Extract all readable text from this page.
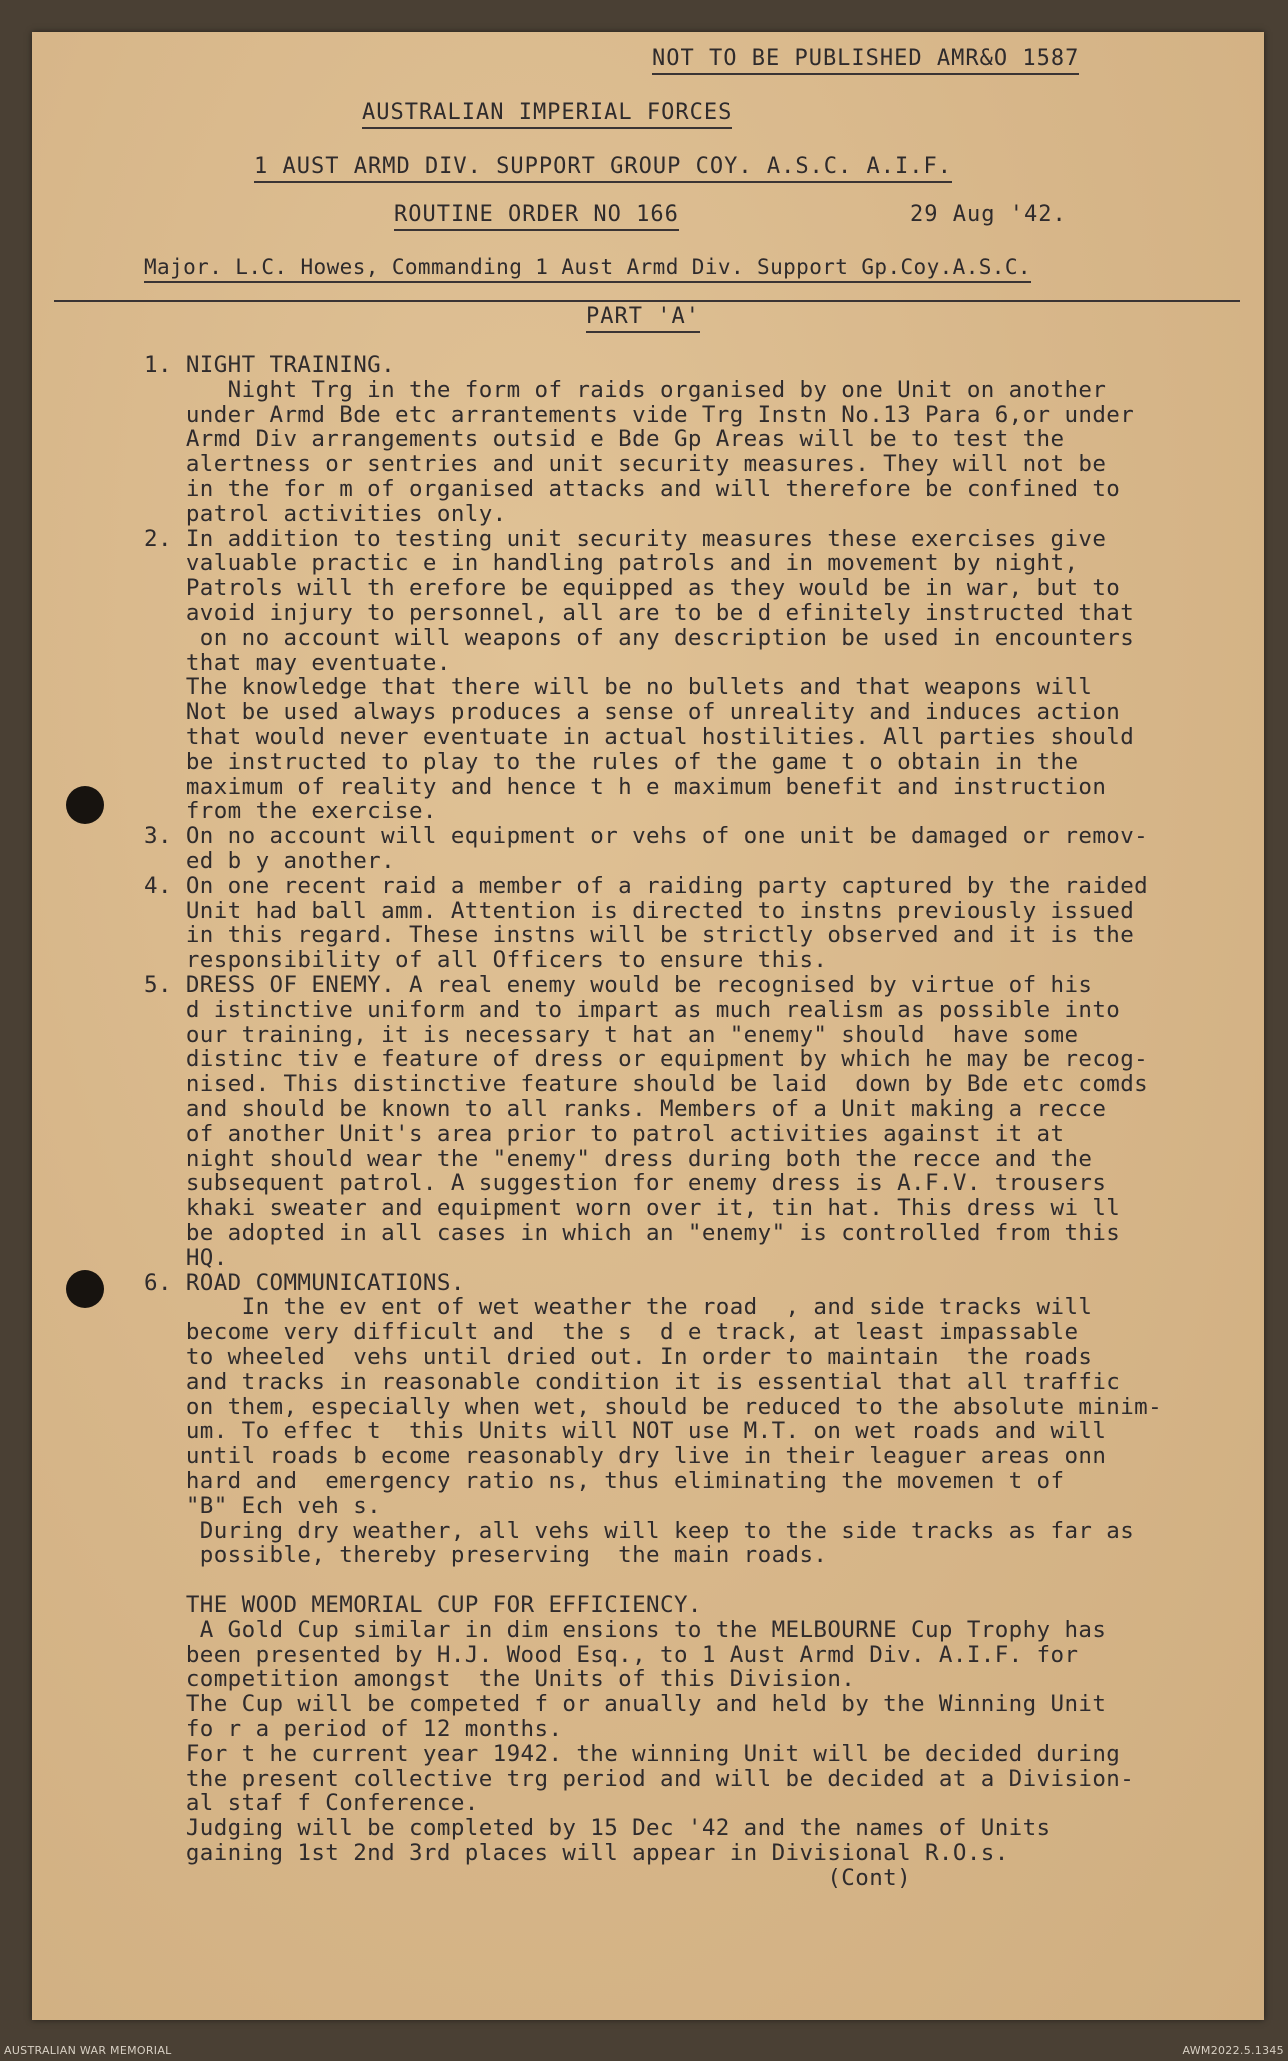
NOT TO BE PUBLISHED AMR&O 1587
AUSTRALIAN IMPERIAL FORCES
1 AUST ARMD DIV. SUPPORT GROUP COY. A.S.C. A.I.F.
ROUTINE ORDER NO 166	29 Aug '42.
Major. L.C. Howes, Commanding 1 Aust Armd Div. Support Gp.Coy.A.S.C.
PART 'A'
1. NIGHT TRAINING.
Night Trg in the form of raids organised by one Unit on another
under Armd Bde etc arrantements vide Trg Instn No.13 Para 6,or under
Armd Div arrangements outsid e Bde Gp Areas will be to test the
alertness or sentries and unit security measures. They will not be
in the for m of organised attacks and will therefore be confined to
patrol activities only.
2. In addition to testing unit security measures these exercises give
valuable practic e in handling patrols and in movement by night,
Patrols will th erefore be equipped as they would be in war, but to
avoid injury to personnel, all are to be d efinitely instructed that
on no account will weapons of any description be used in encounters
that may eventuate.
The knowledge that there will be no bullets and that weapons will
Not be used always produces a sense of unreality and induces action
that would never eventuate in actual hostilities. All parties should
be instructed to play to the rules of the game t o obtain in the
maximum of reality and hence t h e maximum benefit and instruction
from the exercise.
3. On no account will equipment or vehs of one unit be damaged or remov-
ed b y another.
4. On one recent raid a member of a raiding party captured by the raided
Unit had ball amm. Attention is directed to instns previously issued
in this regard. These instns will be strictly observed and it is the
responsibility of all Officers to ensure this.
5. DRESS OF ENEMY. A real enemy would be recognised by virtue of his
d istinctive uniform and to impart as much realism as possible into
our training, it is necessary t hat an "enemy" should  have some
distinc tiv e feature of dress or equipment by which he may be recog-
nised. This distinctive feature should be laid  down by Bde etc comds
and should be known to all ranks. Members of a Unit making a recce
of another Unit's area prior to patrol activities against it at
night should wear the "enemy" dress during both the recce and the
subsequent patrol. A suggestion for enemy dress is A.F.V. trousers
khaki sweater and equipment worn over it, tin hat. This dress wi ll
be adopted in all cases in which an "enemy" is controlled from this
HQ.
6. ROAD COMMUNICATIONS.
In the ev ent of wet weather the road  , and side tracks will
become very difficult and  the s  d e track, at least impassable
to wheeled  vehs until dried out. In order to maintain  the roads
and tracks in reasonable condition it is essential that all traffic
on them, especially when wet, should be reduced to the absolute minim-
um. To effec t  this Units will NOT use M.T. on wet roads and will
until roads b ecome reasonably dry live in their leaguer areas onn
hard and  emergency ratio ns, thus eliminating the movemen t of
"B" Ech veh s.
During dry weather, all vehs will keep to the side tracks as far as
possible, thereby preserving  the main roads.
THE WOOD MEMORIAL CUP FOR EFFICIENCY.
A Gold Cup similar in dim ensions to the MELBOURNE Cup Trophy has
been presented by H.J. Wood Esq., to 1 Aust Armd Div. A.I.F. for
competition amongst  the Units of this Division.
The Cup will be competed f or anually and held by the Winning Unit
fo r a period of 12 months.
For t he current year 1942. the winning Unit will be decided during
the present collective trg period and will be decided at a Division-
al staf f Conference.
Judging will be completed by 15 Dec '42 and the names of Units
gaining 1st 2nd 3rd places will appear in Divisional R.O.s.
(Cont)
AUSTRALIAN WAR MEMORIAL	AWM2022.5.1345
